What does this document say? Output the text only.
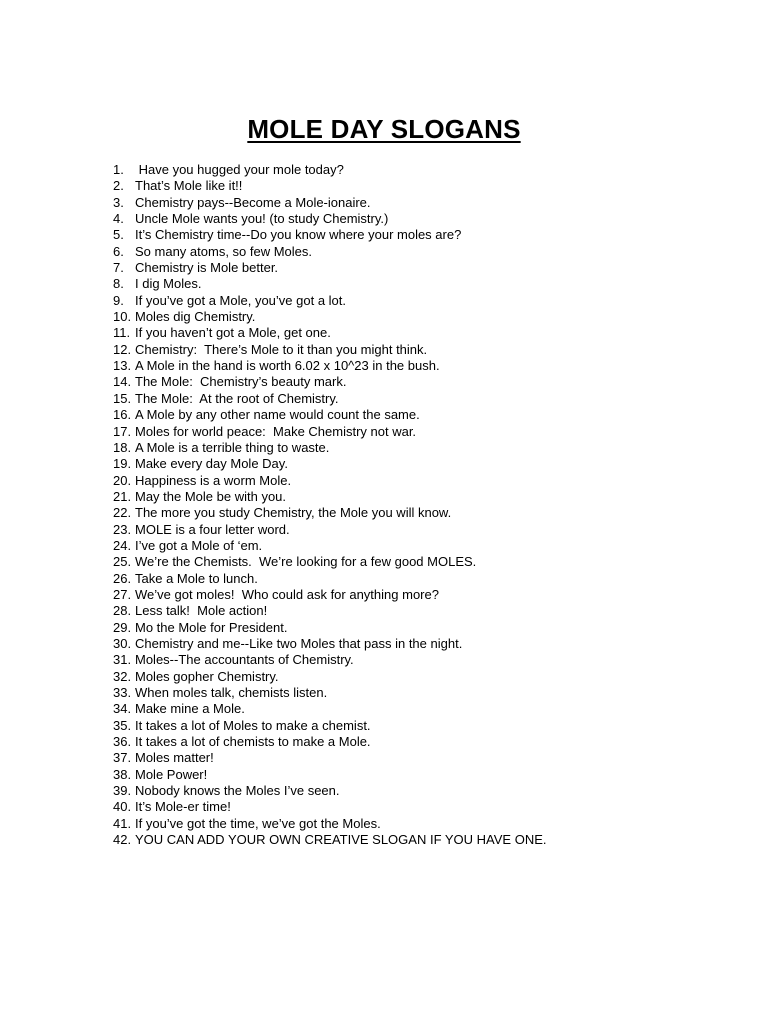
MOLE DAY SLOGANS
1. Have you hugged your mole today?
2. That’s Mole like it!!
3. Chemistry pays--Become a Mole-ionaire.
4. Uncle Mole wants you! (to study Chemistry.)
5. It’s Chemistry time--Do you know where your moles are?
6. So many atoms, so few Moles.
7. Chemistry is Mole better.
8. I dig Moles.
9. If you’ve got a Mole, you’ve got a lot.
10. Moles dig Chemistry.
11. If you haven’t got a Mole, get one.
12. Chemistry:  There’s Mole to it than you might think.
13. A Mole in the hand is worth 6.02 x 10^23 in the bush.
14. The Mole:  Chemistry’s beauty mark.
15. The Mole:  At the root of Chemistry.
16. A Mole by any other name would count the same.
17. Moles for world peace:  Make Chemistry not war.
18. A Mole is a terrible thing to waste.
19. Make every day Mole Day.
20. Happiness is a worm Mole.
21. May the Mole be with you.
22. The more you study Chemistry, the Mole you will know.
23. MOLE is a four letter word.
24. I’ve got a Mole of ‘em.
25. We’re the Chemists.  We’re looking for a few good MOLES.
26. Take a Mole to lunch.
27. We’ve got moles!  Who could ask for anything more?
28. Less talk!  Mole action!
29. Mo the Mole for President.
30. Chemistry and me--Like two Moles that pass in the night.
31. Moles--The accountants of Chemistry.
32. Moles gopher Chemistry.
33. When moles talk, chemists listen.
34. Make mine a Mole.
35. It takes a lot of Moles to make a chemist.
36. It takes a lot of chemists to make a Mole.
37. Moles matter!
38. Mole Power!
39. Nobody knows the Moles I’ve seen.
40. It’s Mole-er time!
41. If you’ve got the time, we’ve got the Moles.
42. YOU CAN ADD YOUR OWN CREATIVE SLOGAN IF YOU HAVE ONE.
